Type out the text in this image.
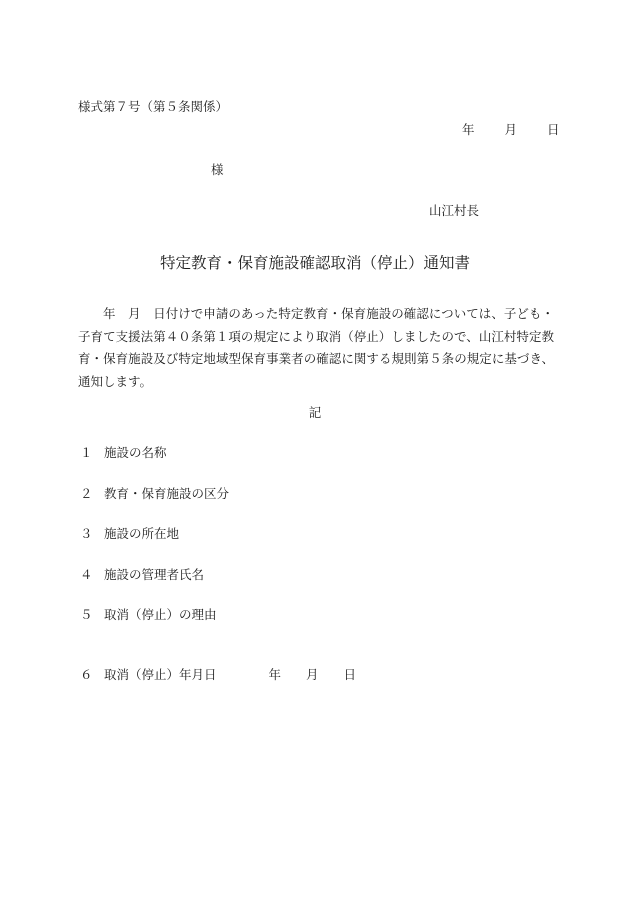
様式第７号（第５条関係）
年 月 日
様
山江村長
特定教育・保育施設確認取消（停止）通知書
年　月　日付けで申請のあった特定教育・保育施設の確認については、子ども・子育て支援法第４０条第１項の規定により取消（停止）しましたので、山江村特定教育・保育施設及び特定地域型保育事業者の確認に関する規則第５条の規定に基づき、通知します。
記
１ 施設の名称
２ 教育・保育施設の区分
３ 施設の所在地
４ 施設の管理者氏名
５ 取消（停止）の理由
６ 取消（停止）年月日	年　　月　　日
